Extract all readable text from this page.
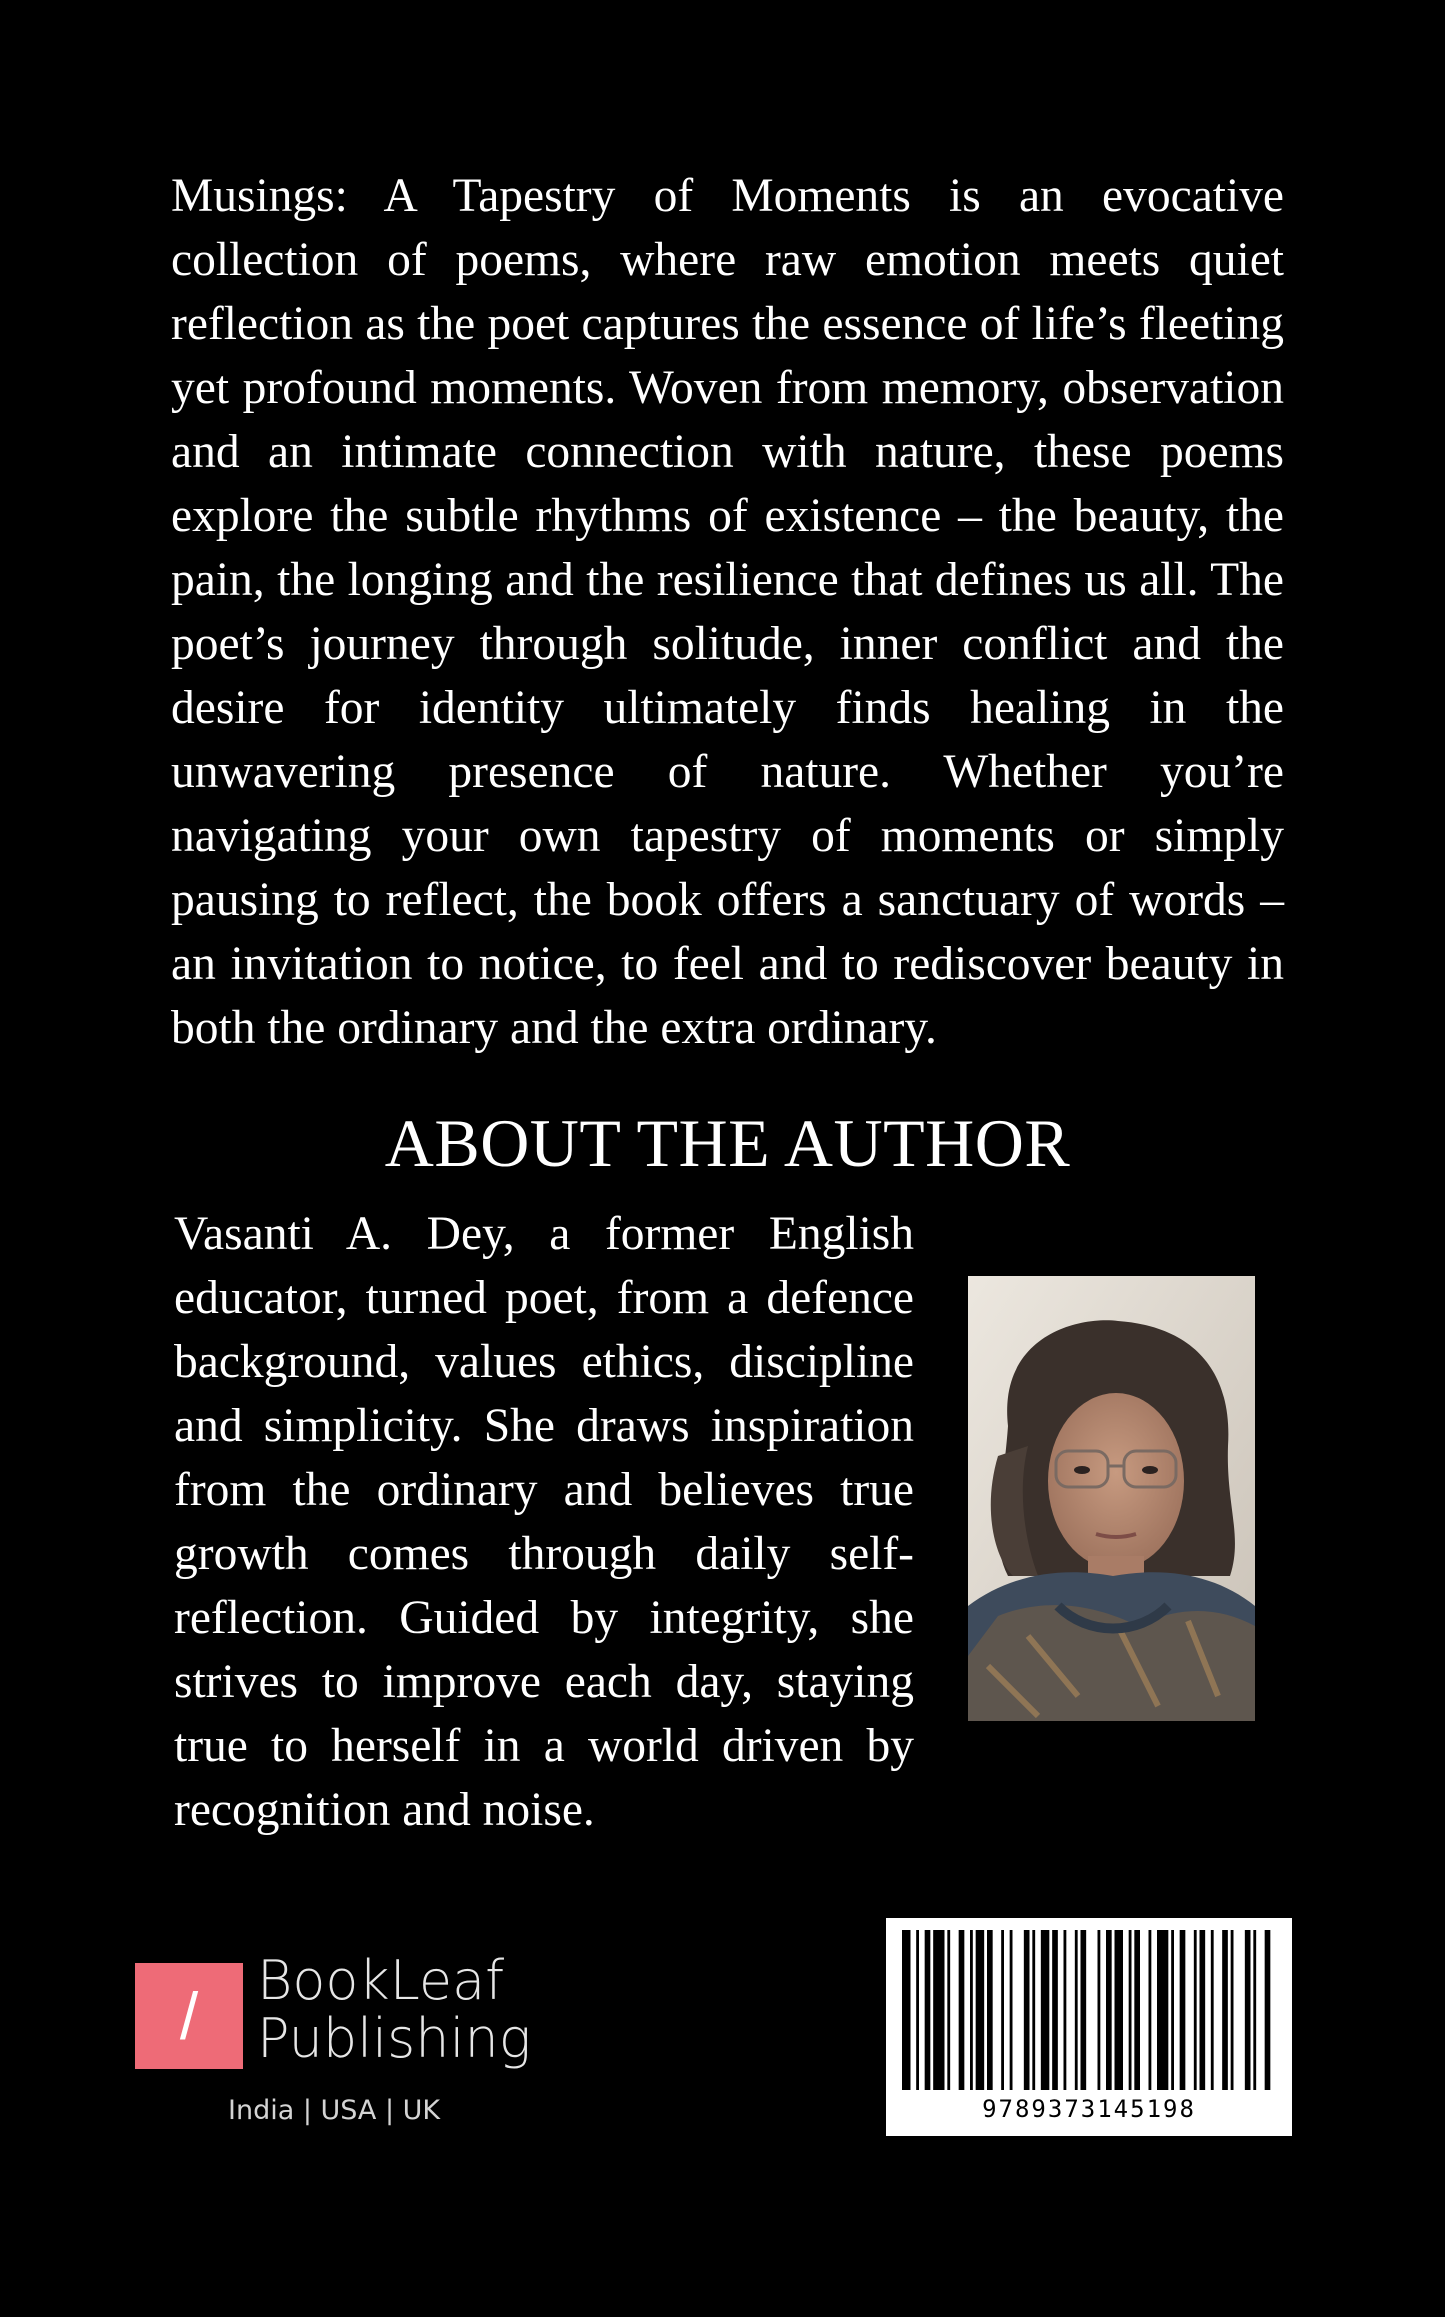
Musings: A Tapestry of Moments is an evocative collection of poems, where raw emotion meets quiet reflection as the poet captures the essence of life’s fleeting yet profound moments. Woven from memory, observation and an intimate connection with nature, these poems explore the subtle rhythms of existence – the beauty, the pain, the longing and the resilience that defines us all. The poet’s journey through solitude, inner conflict and the desire for identity ultimately finds healing in the unwavering presence of nature. Whether you’re navigating your own tapestry of moments or simply pausing to reflect, the book offers a sanctuary of words – an invitation to notice, to feel and to rediscover beauty in both the ordinary and the extra ordinary.

ABOUT THE AUTHOR

Vasanti A. Dey, a former English educator, turned poet, from a defence background, values ethics, discipline and simplicity. She draws inspiration from the ordinary and believes true growth comes through daily self-reflection. Guided by integrity, she strives to improve each day, staying true to herself in a world driven by recognition and noise.

/	BookLeaf
Publishing

India | USA | UK	9789373145198
